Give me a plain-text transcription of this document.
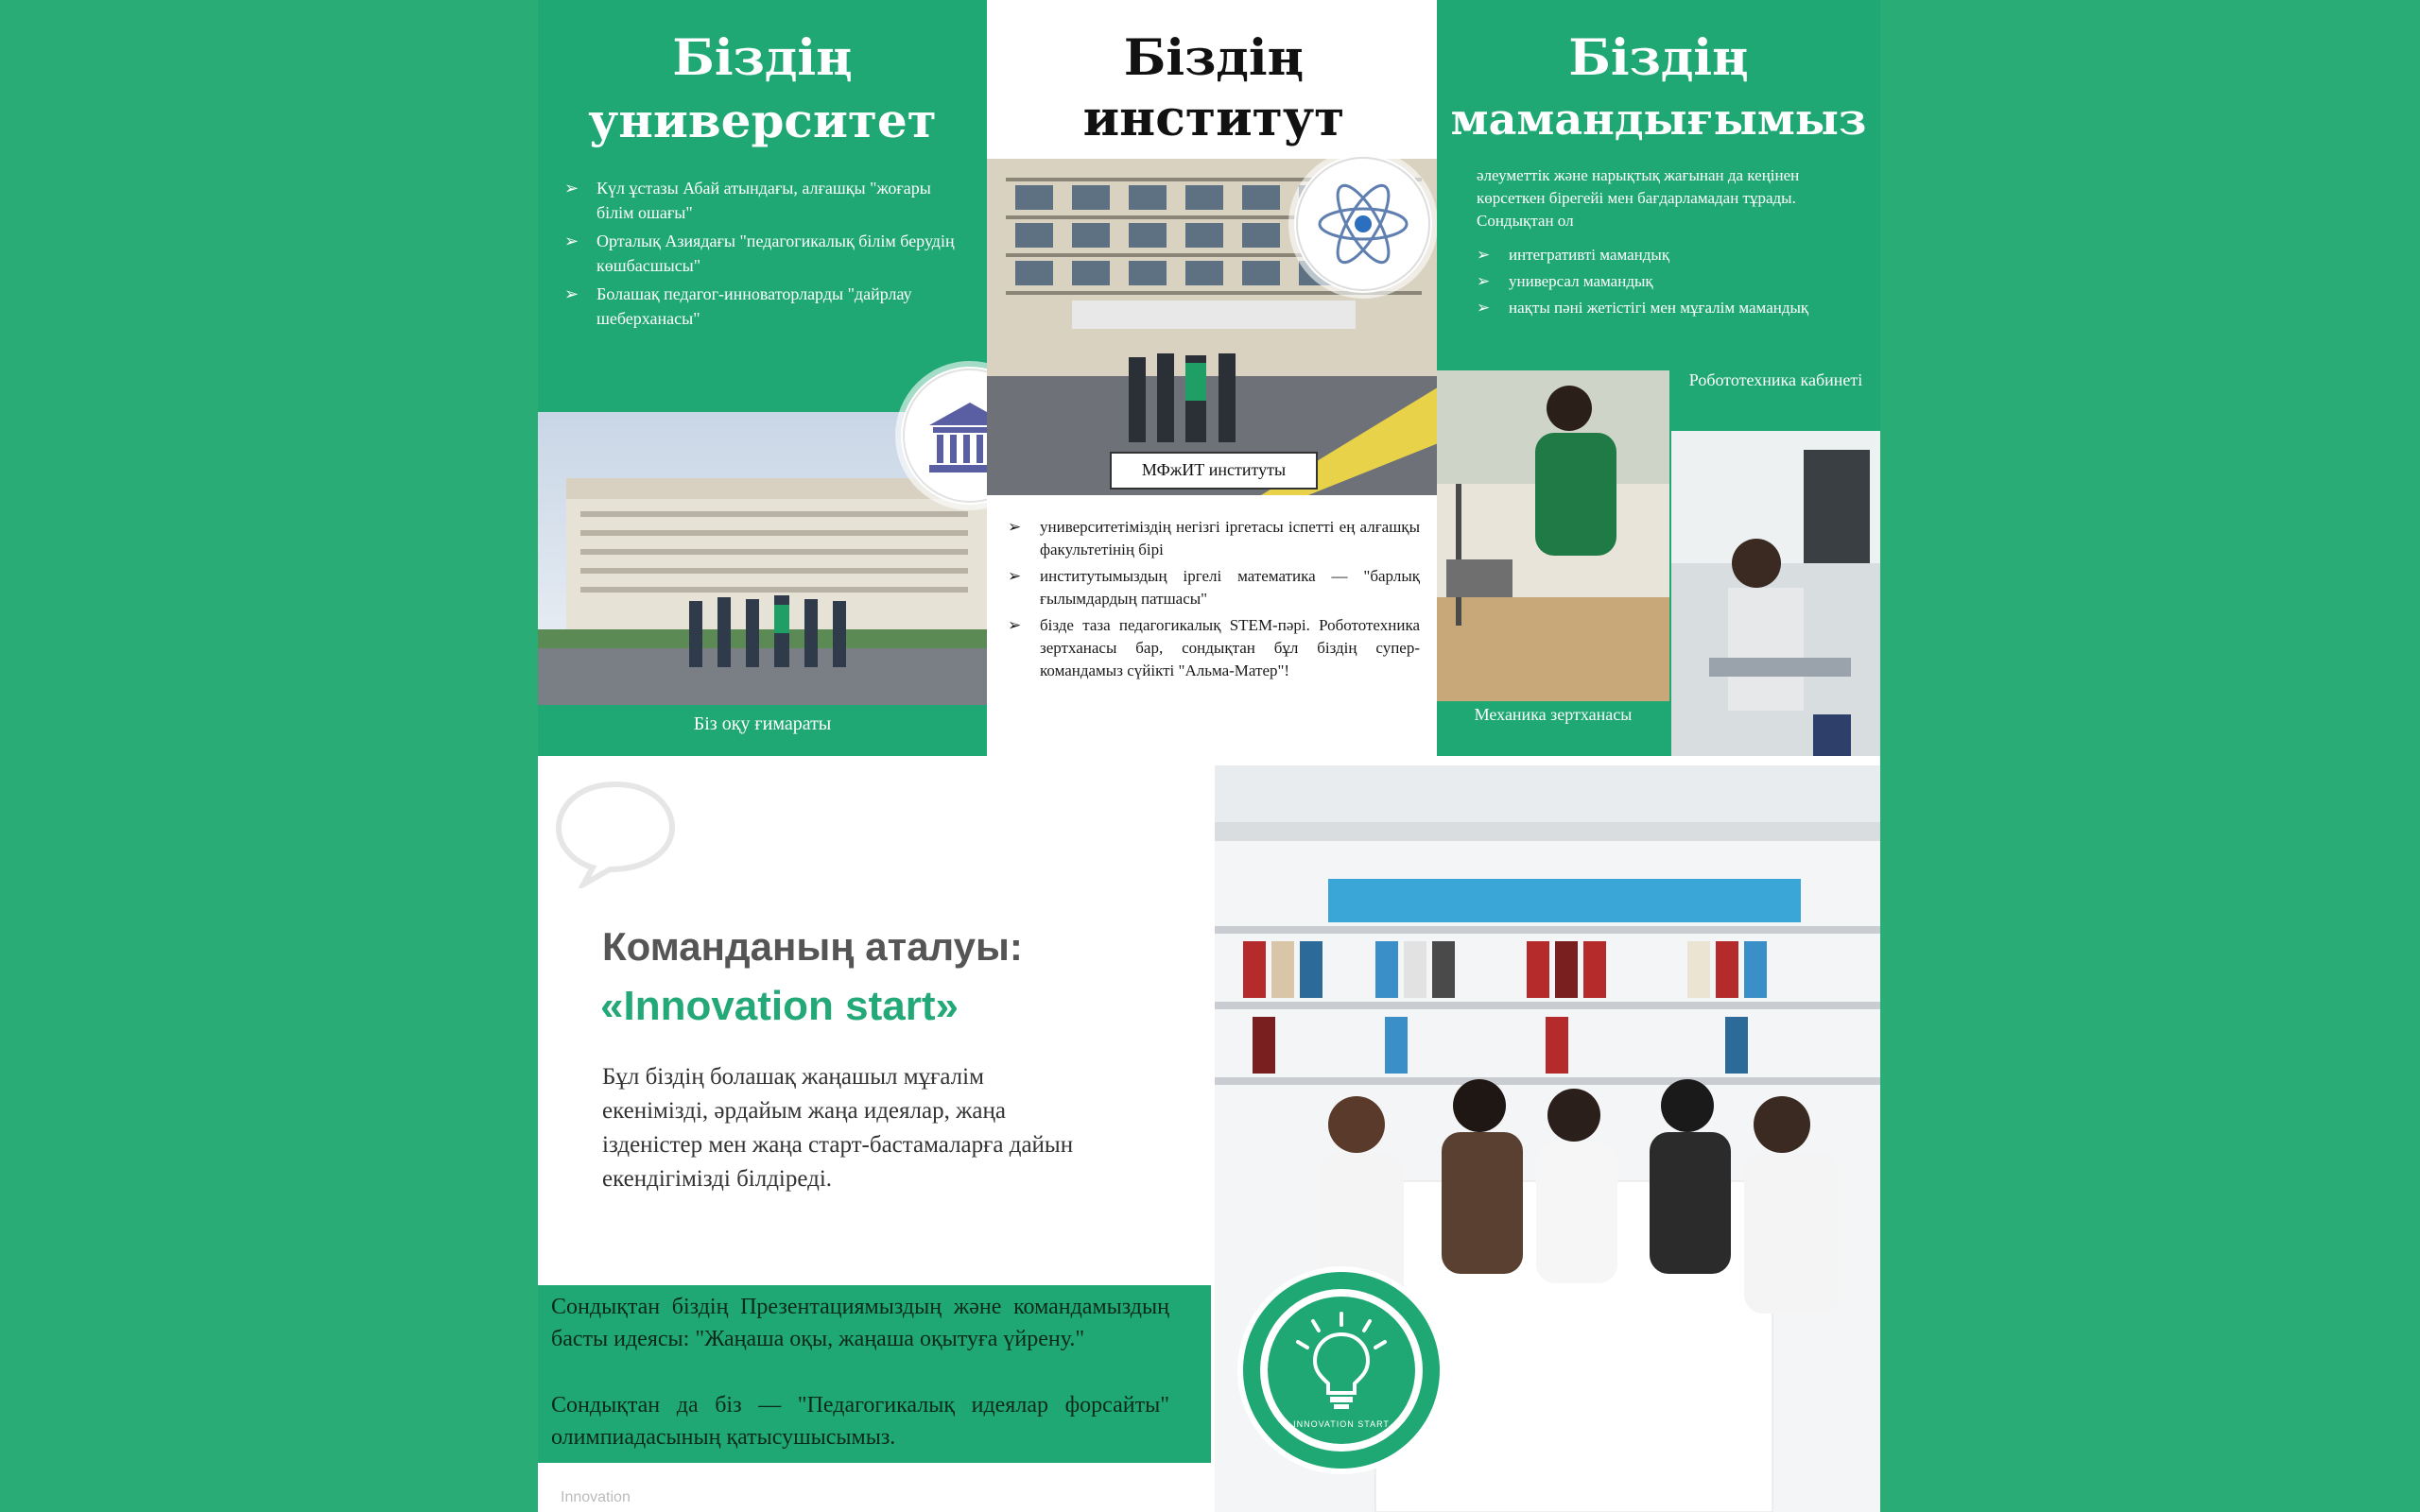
Біздің
университет
➢ Күл ұстазы Абай атындағы, алғашқы "жоғары білім ошағы"
➢ Орталық Азиядағы "педагогикалық білім берудің көшбасшысы"
➢ Болашақ педагог-инноваторларды "дайрлау шеберханасы"
Біз оқу ғимараты
Біздің
институт
МФжИТ институты
➢ университетіміздің негізгі іргетасы іспетті ең алғашқы факультетінің бірі
➢ институтымыздың іргелі математика — "барлық ғылымдардың патшасы"
➢ бізде таза педагогикалық STEM-пәрі. Робототехника зертханасы бар, сондықтан бұл біздің супер-командамыз сүйікті "Альма-Матер"!
Біздің
мамандығымыз
әлеуметтік және нарықтық жағынан да кеңінен көрсеткен бірегейі мен бағдарламадан тұрады. Сондықтан ол
➢ интегративті мамандық
➢ универсал мамандық
➢ нақты пәні жетістігі мен мұғалім мамандық
Робототехника кабинеті
Механика зертханасы
Команданың аталуы:
«Innovation start»
Бұл біздің болашақ жаңашыл мұғалім екенімізді, әрдайым жаңа идеялар, жаңа ізденістер мен жаңа старт-бастамаларға дайын екендігімізді білдіреді.
Сондықтан біздің Презентациямыздың және командамыздың басты идеясы: "Жаңаша оқы, жаңаша оқытуға үйрену."
Сондықтан да біз — "Педагогикалық идеялар форсайты" олимпиадасының қатысушысымыз.
Innovation
INNOVATION START
